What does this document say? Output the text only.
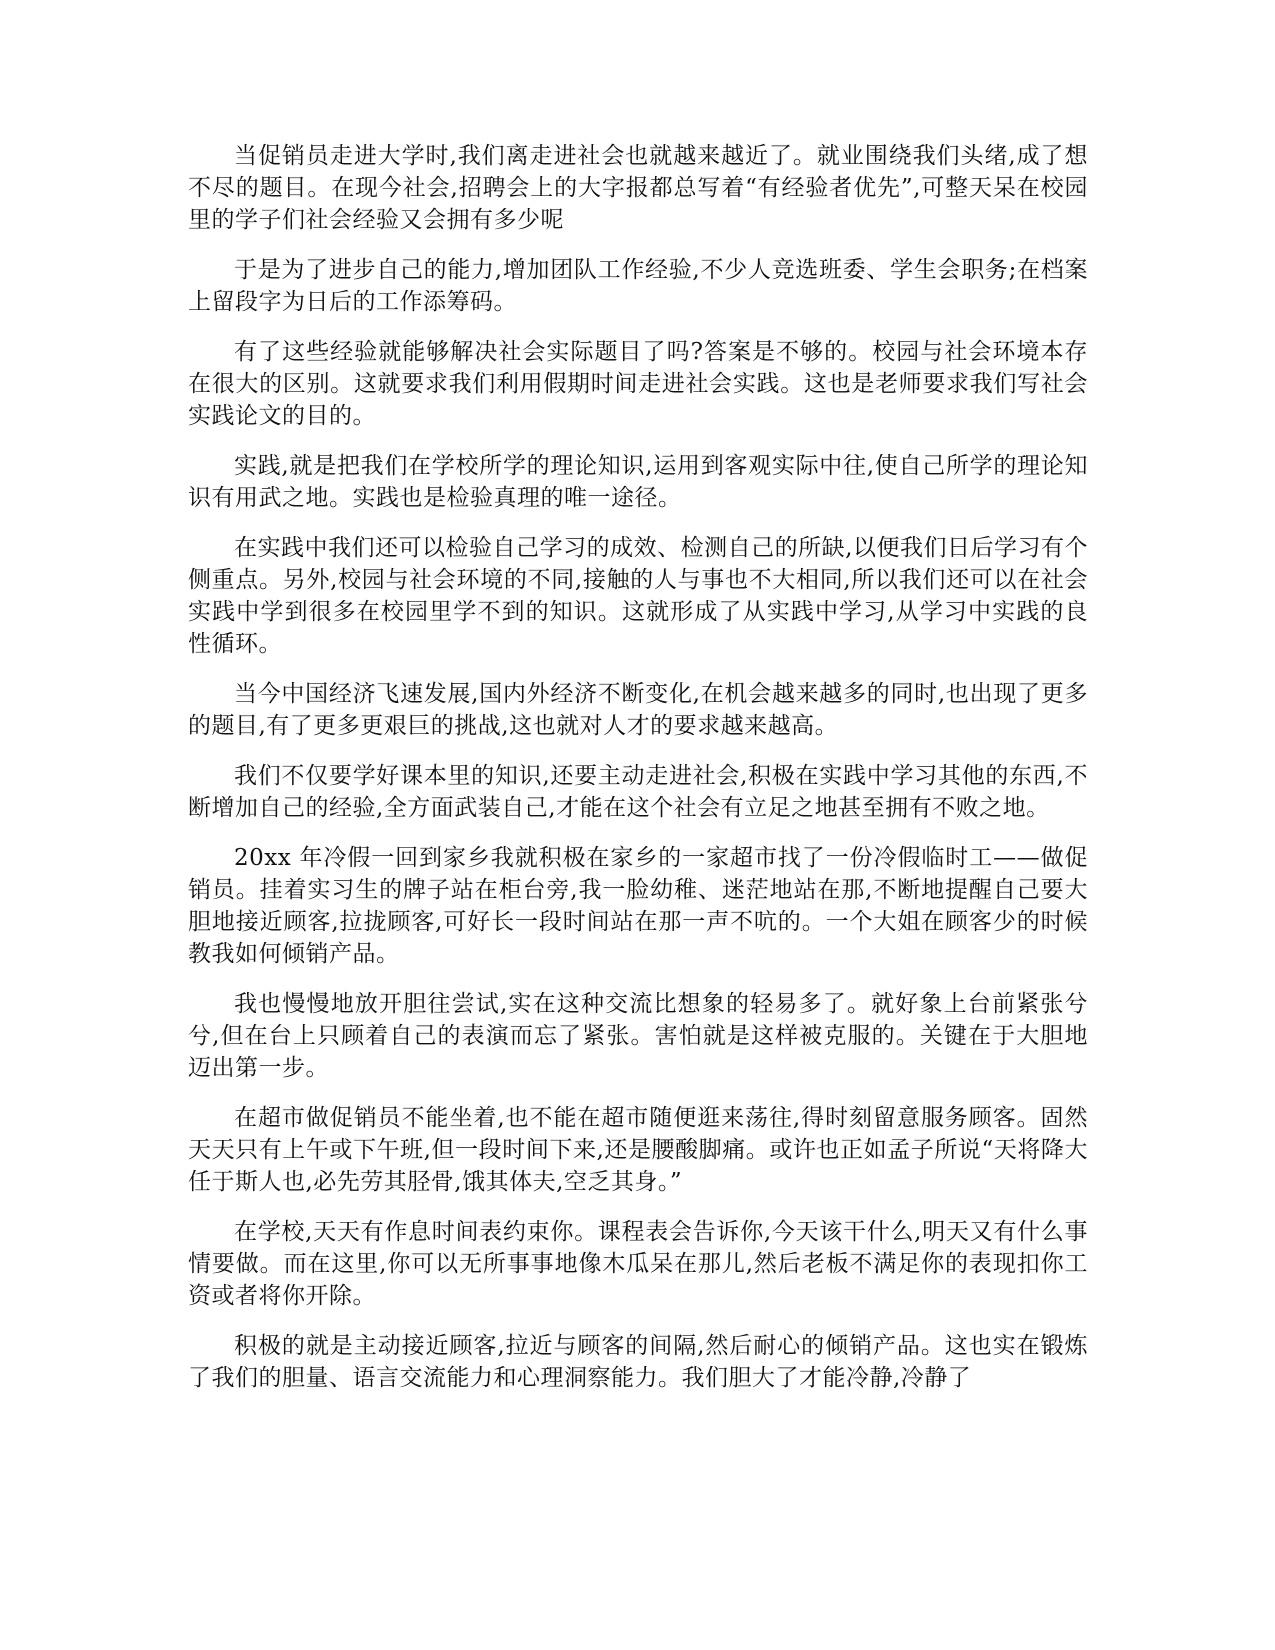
当促销员走进大学时,我们离走进社会也就越来越近了。就业围绕我们头绪,成了想不尽的题目。在现今社会,招聘会上的大字报都总写着“有经验者优先”,可整天呆在校园里的学子们社会经验又会拥有多少呢

于是为了进步自己的能力,增加团队工作经验,不少人竞选班委、学生会职务;在档案上留段字为日后的工作添筹码。

有了这些经验就能够解决社会实际题目了吗?答案是不够的。校园与社会环境本存在很大的区别。这就要求我们利用假期时间走进社会实践。这也是老师要求我们写社会实践论文的目的。

实践,就是把我们在学校所学的理论知识,运用到客观实际中往,使自己所学的理论知识有用武之地。实践也是检验真理的唯一途径。

在实践中我们还可以检验自己学习的成效、检测自己的所缺,以便我们日后学习有个侧重点。另外,校园与社会环境的不同,接触的人与事也不大相同,所以我们还可以在社会实践中学到很多在校园里学不到的知识。这就形成了从实践中学习,从学习中实践的良性循环。

当今中国经济飞速发展,国内外经济不断变化,在机会越来越多的同时,也出现了更多的题目,有了更多更艰巨的挑战,这也就对人才的要求越来越高。

我们不仅要学好课本里的知识,还要主动走进社会,积极在实践中学习其他的东西,不断增加自己的经验,全方面武装自己,才能在这个社会有立足之地甚至拥有不败之地。

20xx 年冷假一回到家乡我就积极在家乡的一家超市找了一份冷假临时工——做促销员。挂着实习生的牌子站在柜台旁,我一脸幼稚、迷茫地站在那,不断地提醒自己要大胆地接近顾客,拉拢顾客,可好长一段时间站在那一声不吭的。一个大姐在顾客少的时候教我如何倾销产品。

我也慢慢地放开胆往尝试,实在这种交流比想象的轻易多了。就好象上台前紧张兮兮,但在台上只顾着自己的表演而忘了紧张。害怕就是这样被克服的。关键在于大胆地迈出第一步。

在超市做促销员不能坐着,也不能在超市随便逛来荡往,得时刻留意服务顾客。固然天天只有上午或下午班,但一段时间下来,还是腰酸脚痛。或许也正如孟子所说“天将降大任于斯人也,必先劳其胫骨,饿其体夫,空乏其身。”

在学校,天天有作息时间表约束你。课程表会告诉你,今天该干什么,明天又有什么事情要做。而在这里,你可以无所事事地像木瓜呆在那儿,然后老板不满足你的表现扣你工资或者将你开除。

积极的就是主动接近顾客,拉近与顾客的间隔,然后耐心的倾销产品。这也实在锻炼了我们的胆量、语言交流能力和心理洞察能力。我们胆大了才能冷静,冷静了
